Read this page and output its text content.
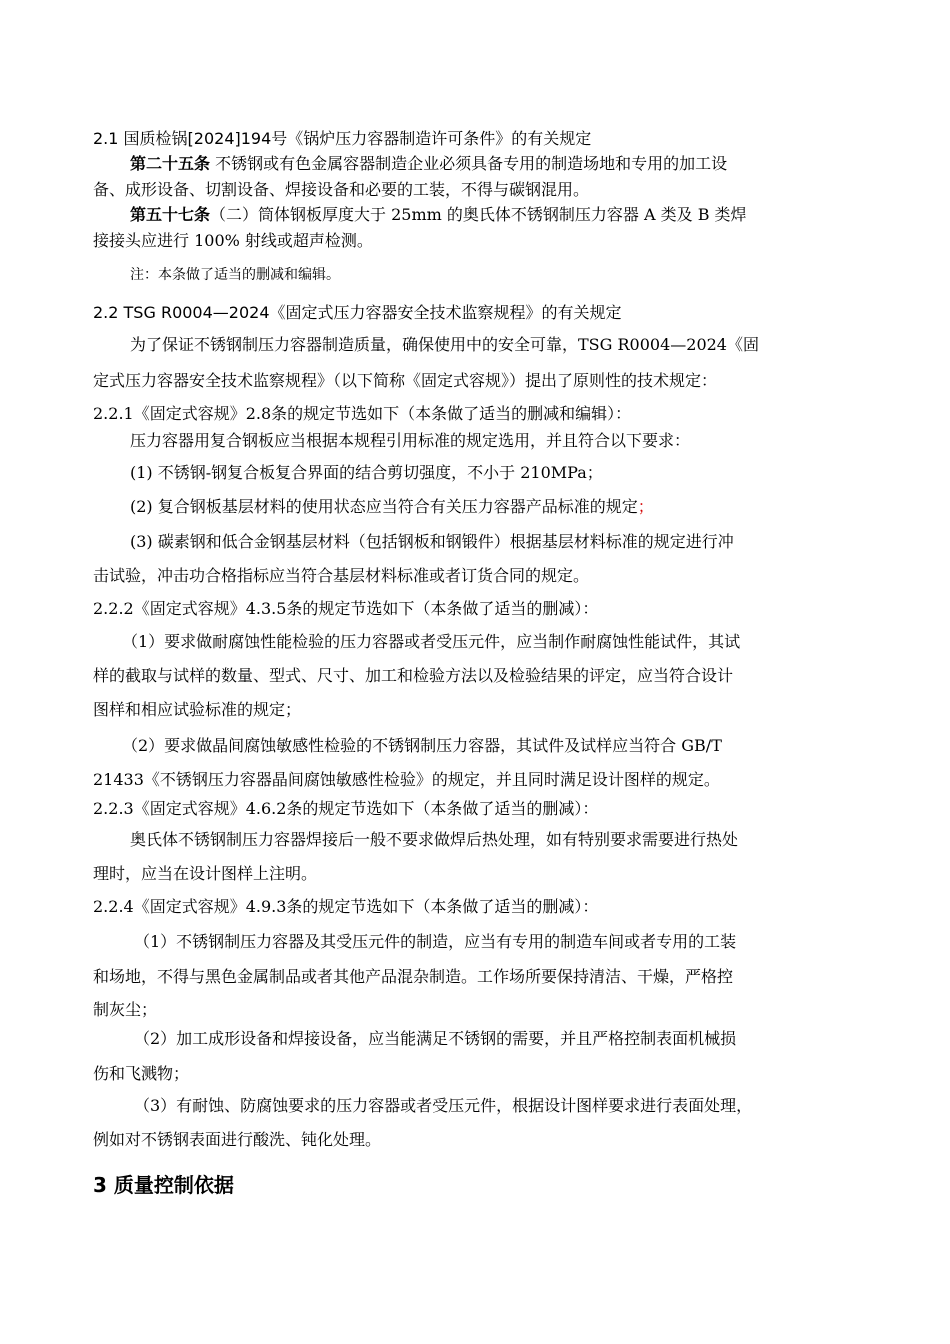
2.1 国质检锅[2024]194号《锅炉压力容器制造许可条件》的有关规定
第二十五条 不锈钢或有色金属容器制造企业必须具备专用的制造场地和专用的加工设
备、成形设备、切割设备、焊接设备和必要的工装，不得与碳钢混用。
第五十七条（二）筒体钢板厚度大于 25mm 的奥氏体不锈钢制压力容器 A 类及 B 类焊
接接头应进行 100% 射线或超声检测。
注：本条做了适当的删减和编辑。
2.2 TSG R0004—2024《固定式压力容器安全技术监察规程》的有关规定
为了保证不锈钢制压力容器制造质量，确保使用中的安全可靠，TSG R0004—2024《固
定式压力容器安全技术监察规程》（以下简称《固定式容规》）提出了原则性的技术规定：
2.2.1《固定式容规》2.8条的规定节选如下（本条做了适当的删减和编辑）：
压力容器用复合钢板应当根据本规程引用标准的规定选用，并且符合以下要求：
(1) 不锈钢-钢复合板复合界面的结合剪切强度，不小于 210MPa；
(2) 复合钢板基层材料的使用状态应当符合有关压力容器产品标准的规定；
(3) 碳素钢和低合金钢基层材料（包括钢板和钢锻件）根据基层材料标准的规定进行冲
击试验，冲击功合格指标应当符合基层材料标准或者订货合同的规定。
2.2.2《固定式容规》4.3.5条的规定节选如下（本条做了适当的删减）：
（1）要求做耐腐蚀性能检验的压力容器或者受压元件，应当制作耐腐蚀性能试件，其试
样的截取与试样的数量、型式、尺寸、加工和检验方法以及检验结果的评定，应当符合设计
图样和相应试验标准的规定；
（2）要求做晶间腐蚀敏感性检验的不锈钢制压力容器，其试件及试样应当符合 GB/T
21433《不锈钢压力容器晶间腐蚀敏感性检验》的规定，并且同时满足设计图样的规定。
2.2.3《固定式容规》4.6.2条的规定节选如下（本条做了适当的删减）：
奥氏体不锈钢制压力容器焊接后一般不要求做焊后热处理，如有特别要求需要进行热处
理时，应当在设计图样上注明。
2.2.4《固定式容规》4.9.3条的规定节选如下（本条做了适当的删减）：
（1）不锈钢制压力容器及其受压元件的制造，应当有专用的制造车间或者专用的工装
和场地，不得与黑色金属制品或者其他产品混杂制造。工作场所要保持清洁、干燥，严格控
制灰尘；
（2）加工成形设备和焊接设备，应当能满足不锈钢的需要，并且严格控制表面机械损
伤和飞溅物；
（3）有耐蚀、防腐蚀要求的压力容器或者受压元件，根据设计图样要求进行表面处理，
例如对不锈钢表面进行酸洗、钝化处理。
3 质量控制依据
